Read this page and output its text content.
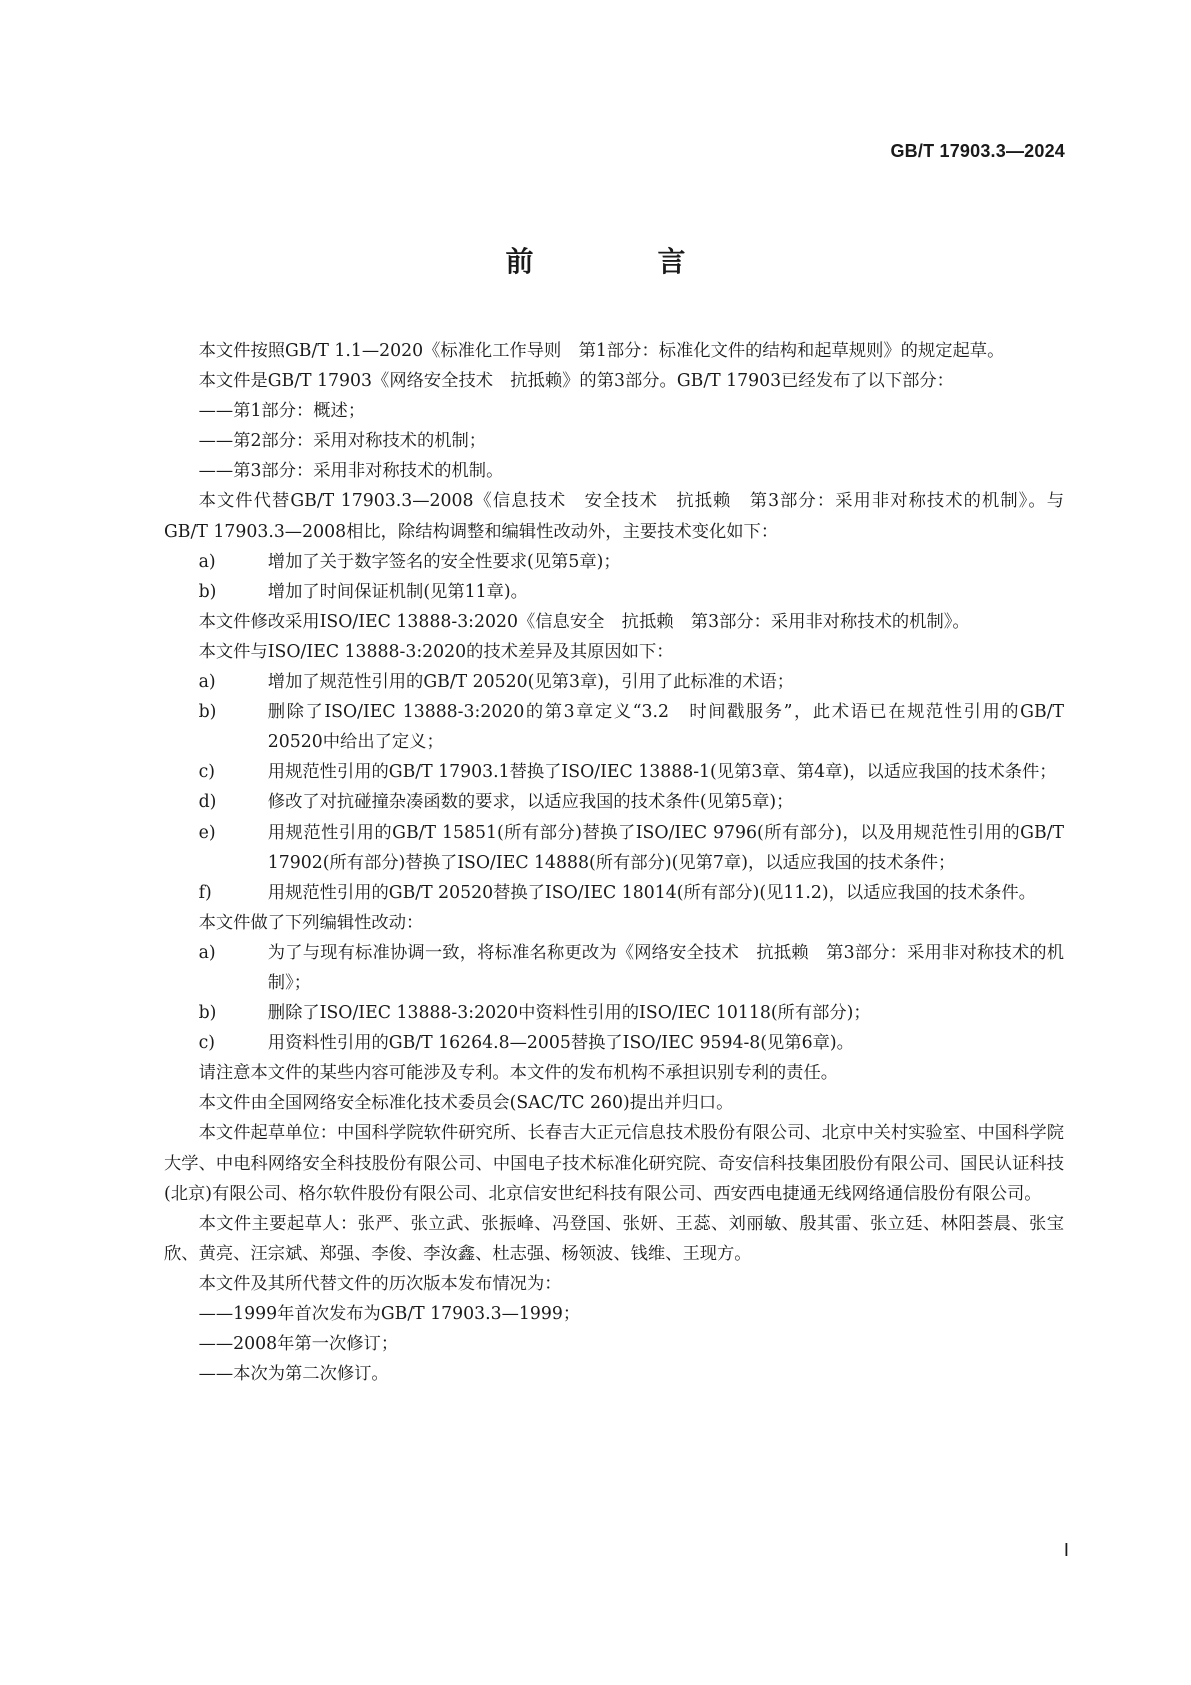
GB/T 17903.3—2024
前　言
本文件按照GB/T 1.1—2020《标准化工作导则　第1部分：标准化文件的结构和起草规则》的规定起草。
本文件是GB/T 17903《网络安全技术　抗抵赖》的第3部分。GB/T 17903已经发布了以下部分：
——第1部分：概述；
——第2部分：采用对称技术的机制；
——第3部分：采用非对称技术的机制。
本文件代替GB/T 17903.3—2008《信息技术　安全技术　抗抵赖　第3部分：采用非对称技术的机制》。与GB/T 17903.3—2008相比，除结构调整和编辑性改动外，主要技术变化如下：
a)	增加了关于数字签名的安全性要求(见第5章)；
b)	增加了时间保证机制(见第11章)。
本文件修改采用ISO/IEC 13888-3:2020《信息安全　抗抵赖　第3部分：采用非对称技术的机制》。
本文件与ISO/IEC 13888-3:2020的技术差异及其原因如下：
a)	增加了规范性引用的GB/T 20520(见第3章)，引用了此标准的术语；
b)	删除了ISO/IEC 13888-3:2020的第3章定义“3.2　时间戳服务”，此术语已在规范性引用的GB/T 20520中给出了定义；
c)	用规范性引用的GB/T 17903.1替换了ISO/IEC 13888-1(见第3章、第4章)，以适应我国的技术条件；
d)	修改了对抗碰撞杂凑函数的要求，以适应我国的技术条件(见第5章)；
e)	用规范性引用的GB/T 15851(所有部分)替换了ISO/IEC 9796(所有部分)，以及用规范性引用的GB/T 17902(所有部分)替换了ISO/IEC 14888(所有部分)(见第7章)，以适应我国的技术条件；
f)	用规范性引用的GB/T 20520替换了ISO/IEC 18014(所有部分)(见11.2)，以适应我国的技术条件。
本文件做了下列编辑性改动：
a)	为了与现有标准协调一致，将标准名称更改为《网络安全技术　抗抵赖　第3部分：采用非对称技术的机制》；
b)	删除了ISO/IEC 13888-3:2020中资料性引用的ISO/IEC 10118(所有部分)；
c)	用资料性引用的GB/T 16264.8—2005替换了ISO/IEC 9594-8(见第6章)。
请注意本文件的某些内容可能涉及专利。本文件的发布机构不承担识别专利的责任。
本文件由全国网络安全标准化技术委员会(SAC/TC 260)提出并归口。
本文件起草单位：中国科学院软件研究所、长春吉大正元信息技术股份有限公司、北京中关村实验室、中国科学院大学、中电科网络安全科技股份有限公司、中国电子技术标准化研究院、奇安信科技集团股份有限公司、国民认证科技(北京)有限公司、格尔软件股份有限公司、北京信安世纪科技有限公司、西安西电捷通无线网络通信股份有限公司。
本文件主要起草人：张严、张立武、张振峰、冯登国、张妍、王蕊、刘丽敏、殷其雷、张立廷、林阳荟晨、张宝欣、黄亮、汪宗斌、郑强、李俊、李汝鑫、杜志强、杨领波、钱维、王现方。
本文件及其所代替文件的历次版本发布情况为：
——1999年首次发布为GB/T 17903.3—1999；
——2008年第一次修订；
——本次为第二次修订。
Ⅰ
